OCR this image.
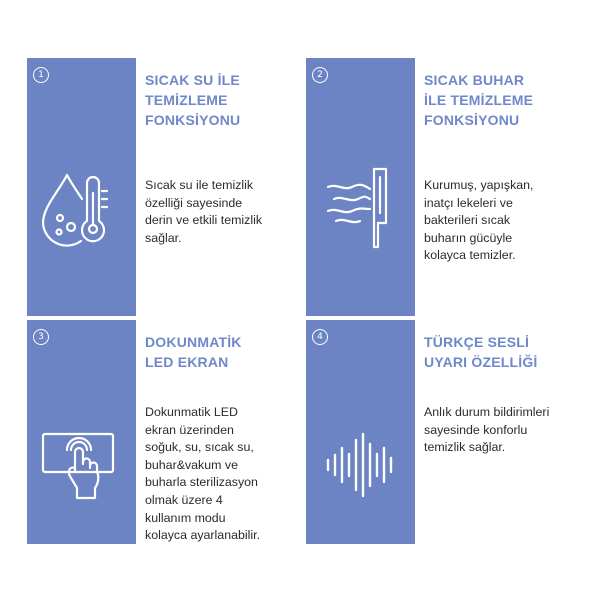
1	SICAK SU İLE
TEMİZLEME
FONKSİYONU
Sıcak su ile temizlik
özelliği sayesinde
derin ve etkili temizlik
sağlar.
2	SICAK BUHAR
İLE TEMİZLEME
FONKSİYONU
Kurumuş, yapışkan,
inatçı lekeleri ve
bakterileri sıcak
buharın gücüyle
kolayca temizler.
3	DOKUNMATİK
LED EKRAN
Dokunmatik LED
ekran üzerinden
soğuk, su, sıcak su,
buhar&vakum ve
buharla sterilizasyon
olmak üzere 4
kullanım modu
kolayca ayarlanabilir.
4	TÜRKÇE SESLİ
UYARI ÖZELLİĞİ
Anlık durum bildirimleri
sayesinde konforlu
temizlik sağlar.
